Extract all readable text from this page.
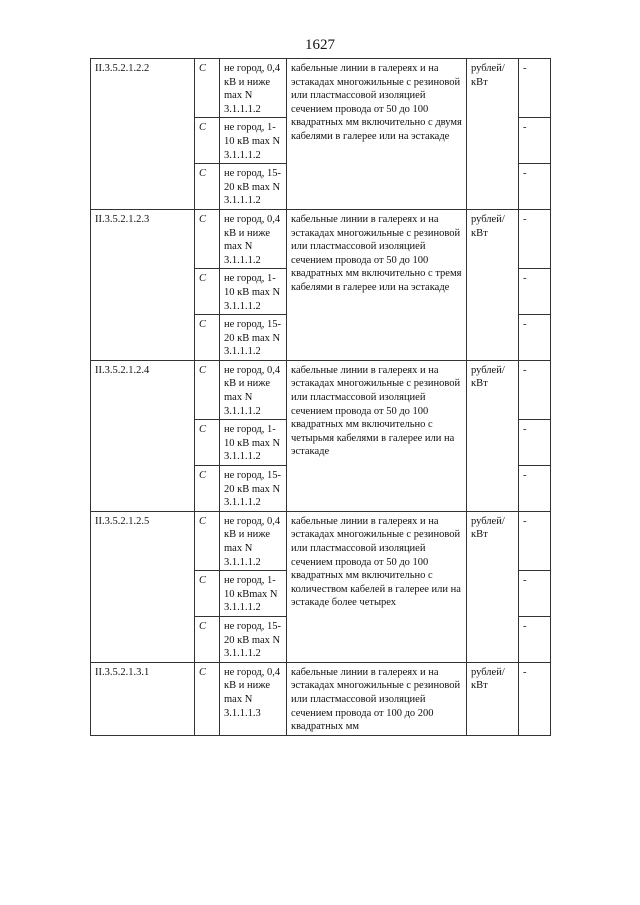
1627
II.3.5.2.1.2.2	С	не город, 0,4 кВ и ниже max N 3.1.1.1.2	кабельные линии в галереях и на эстакадах многожильные с резиновой или пластмассовой изоляцией сечением провода от 50 до 100 квадратных мм включительно с двумя кабелями в галерее или на эстакаде	рублей/ кВт	-
	С	не город, 1-10 кВ max N 3.1.1.1.2			-
	С	не город, 15-20 кВ max N 3.1.1.1.2			-
II.3.5.2.1.2.3	С	не город, 0,4 кВ и ниже max N 3.1.1.1.2	кабельные линии в галереях и на эстакадах многожильные с резиновой или пластмассовой изоляцией сечением провода от 50 до 100 квадратных мм включительно с тремя кабелями в галерее или на эстакаде	рублей/ кВт	-
	С	не город, 1-10 кВ max N 3.1.1.1.2			-
	С	не город, 15-20 кВ max N 3.1.1.1.2			-
II.3.5.2.1.2.4	С	не город, 0,4 кВ и ниже max N 3.1.1.1.2	кабельные линии в галереях и на эстакадах многожильные с резиновой или пластмассовой изоляцией сечением провода от 50 до 100 квадратных мм включительно с четырьмя кабелями в галерее или на эстакаде	рублей/ кВт	-
	С	не город, 1-10 кВ max N 3.1.1.1.2			-
	С	не город, 15-20 кВ max N 3.1.1.1.2			-
II.3.5.2.1.2.5	С	не город, 0,4 кВ и ниже max N 3.1.1.1.2	кабельные линии в галереях и на эстакадах многожильные с резиновой или пластмассовой изоляцией сечением провода от 50 до 100 квадратных мм включительно с количеством кабелей в галерее или на эстакаде более четырех	рублей/ кВт	-
	С	не город, 1-10 кВmax N 3.1.1.1.2			-
	С	не город, 15-20 кВ max N 3.1.1.1.2			-
II.3.5.2.1.3.1	С	не город, 0,4 кВ и ниже max N 3.1.1.1.3	кабельные линии в галереях и на эстакадах многожильные с резиновой или пластмассовой изоляцией сечением провода от 100 до 200 квадратных мм	рублей/ кВт	-
